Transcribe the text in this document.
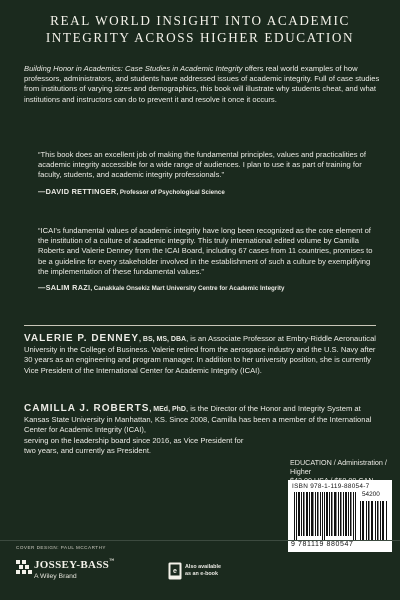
REAL WORLD INSIGHT INTO ACADEMIC
INTEGRITY ACROSS HIGHER EDUCATION

Building Honor in Academics: Case Studies in Academic Integrity offers real world examples of how professors, administrators, and students have addressed issues of academic integrity. Full of case studies from institutions of varying sizes and demographics, this book will illustrate why students cheat, and what institutions and instructors can do to prevent it and resolve it once it occurs.

“This book does an excellent job of making the fundamental principles, values and practicalities of academic integrity accessible for a wide range of audiences. I plan to use it as part of training for faculty, students, and academic integrity professionals.”

—DAVID RETTINGER, Professor of Psychological Science

“ICAI’s fundamental values of academic integrity have long been recognized as the core element of the institution of a culture of academic integrity. This truly international edited volume by Camilla Roberts and Valerie Denney from the ICAI Board, including 67 cases from 11 countries, promises to be a guideline for every stakeholder involved in the establishment of such a culture by exemplifying the implementation of these fundamental values.”

—SALIM RAZI, Canakkale Onsekiz Mart University Centre for Academic Integrity

VALERIE P. DENNEY, BS, MS, DBA, is an Associate Professor at Embry-Riddle Aeronautical University in the College of Business. Valerie retired from the aerospace industry and the U.S. Navy after 30 years as an engineering and program manager. In addition to her university position, she is currently Vice President of the International Center for Academic Integrity (ICAI).

CAMILLA J. ROBERTS, MEd, PhD, is the Director of the Honor and Integrity System at Kansas State University in Manhattan, KS. Since 2008, Camilla has been a member of the International Center for Academic Integrity (ICAI),
serving on the leadership board since 2016, as Vice President for two years, and currently as President.

EDUCATION / Administration / Higher
ISBN 978-1-119-88054-7
54200
9 781119 880547
COVER DESIGN: PAUL MCCARTHY
JOSSEY-BASS™
A Wiley Brand
e
Also available
as an e-book
